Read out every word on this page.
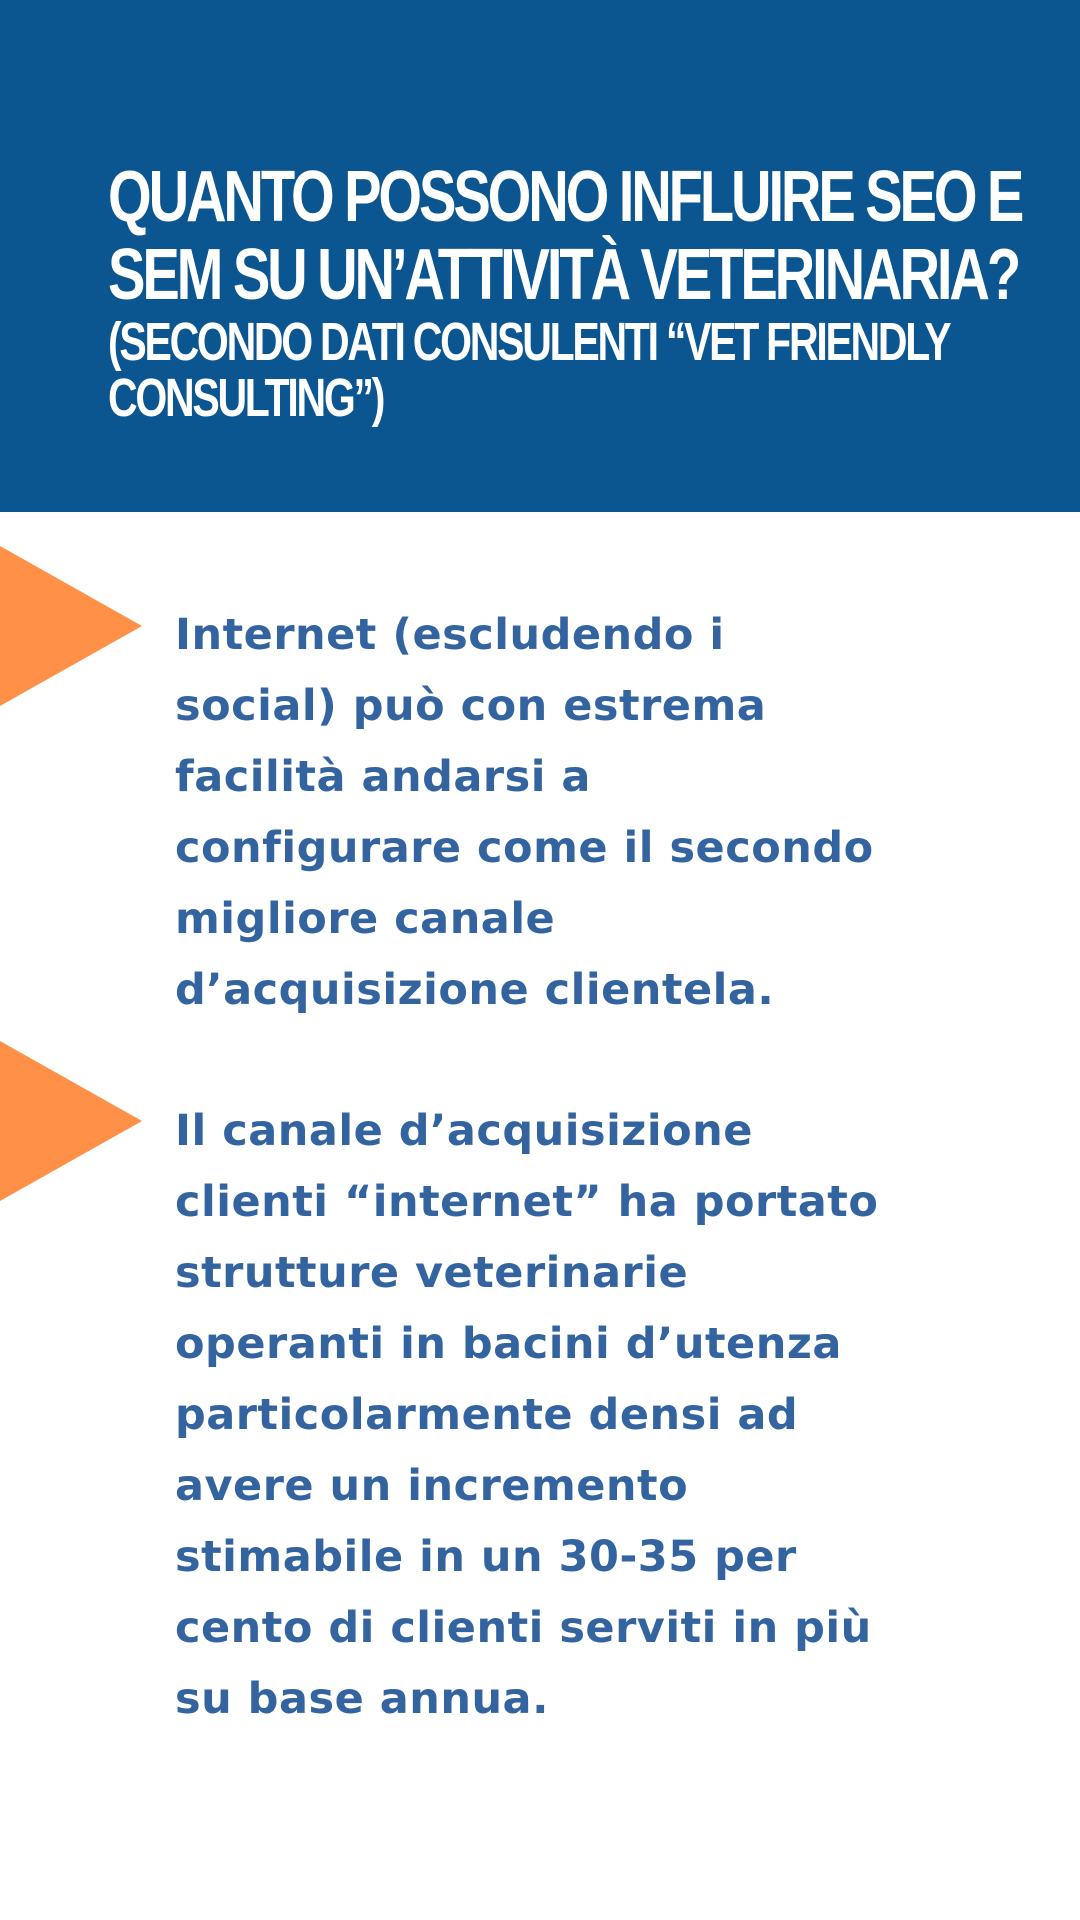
QUANTO POSSONO INFLUIRE SEO E
SEM SU UN’ATTIVITÀ VETERINARIA?
(SECONDO DATI CONSULENTI “VET FRIENDLY
CONSULTING”)

Internet (escludendo i
social) può con estrema
facilità andarsi a
configurare come il secondo
migliore canale
d’acquisizione clientela.

Il canale d’acquisizione
clienti “internet” ha portato
strutture veterinarie
operanti in bacini d’utenza
particolarmente densi ad
avere un incremento
stimabile in un 30-35 per
cento di clienti serviti in più
su base annua.
